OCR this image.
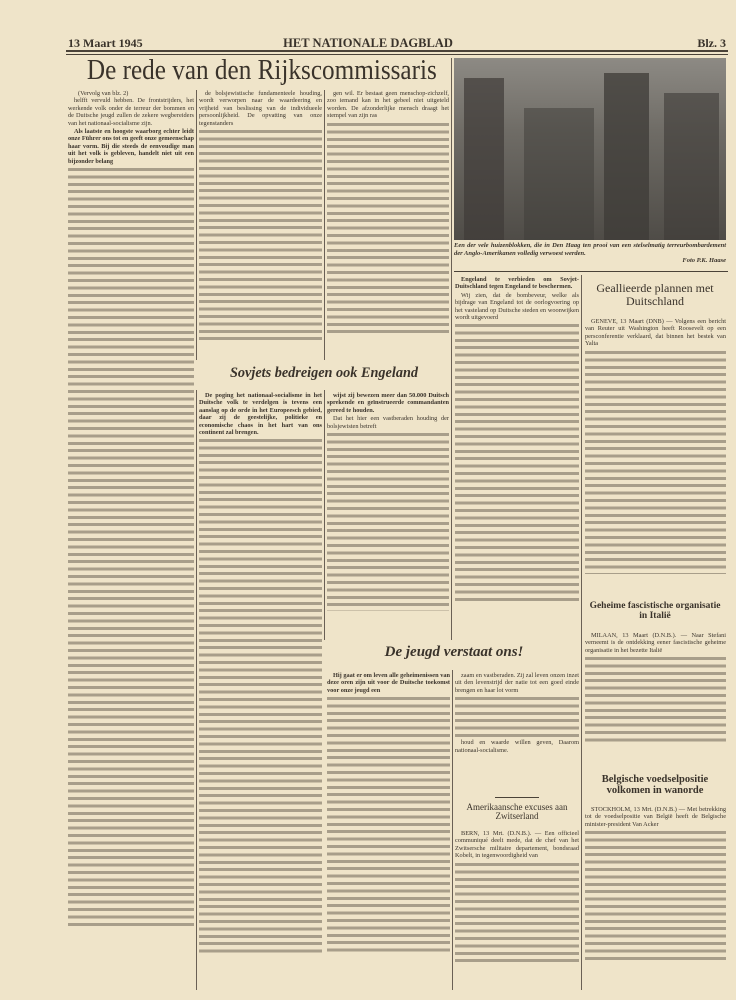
13 Maart 1945	HET NATIONALE DAGBLAD	Blz. 3
De rede van den Rijkscommissaris
(Vervolg van blz. 2)

helfft vervuld hebben. De frontstrijders, het werkende volk onder de terreur der bommen en de Duitsche jeugd zullen de zekere wegbereiders van het nationaal-socialisme zijn.

Als laatste en hoogste waarborg echter leidt onze Führer ons tot en geeft onze gemeenschap haar vorm. Bij die steeds de eenvoudige man uit het volk is gebleven, handelt niet uit een bijzonder belang

de bolsjewistische fundamenteele houding, wordt verworpen naar de waardeering en vrijheid van beslissing van de individueele persoonlijkheid. De opvatting van onze tegenstanders

gen wil. Er bestaat geen menschop-zichzelf, zoo iemand kan in het gebeel niet uitgeteld worden. De afzonderlijke mensch draagt het stempel van zijn ras

Een der vele huizenblokken, die in Den Haag ten prooi van een stelselmatig terreurbombardement der Anglo-Amerikanen volledig verwoest werden.
Foto P.K. Haase
Sovjets bedreigen ook Engeland

De poging het nationaal-socialisme in het Duitsche volk te verdelgen is tevens een aanslag op de orde in het Europeesch gebied, daar zij de geestelijke, politieke en economische chaos in het hart van ons continent zal brengen.

wijst zij bewezen meer dan 50.000 Duitsch sprekende en geïnstrueerde commandanten gereed te houden.

Dat het hier een vastberaden houding der bolsjewisten betreft

Engeland te verbieden om Sovjet-Duitschland tegen Engeland te beschermen.

Wij zien, dat de bombeveur, welke als bijdrage van Engeland tot de oorlogvoering op het vasteland op Duitsche steden en woonwijken wordt uitgevoerd

De jeugd verstaat ons!

Hij gaat er om leven alle geheimenissen van deze oren zijn uit voor de Duitsche toekomst voor onze jeugd een

zaam en vastberaden. Zij zal leven onzen inzet uit den levenstrijd der natie tot een goed einde brengen en haar lot vorm

houd en waarde willen geven, Daarom nationaal-socialisme.

Amerikaansche excuses aan Zwitserland

BERN, 13 Mrt. (D.N.B.). — Een officieel communiqué deelt mede, dat de chef van het Zwitsersche militaire departement, bondsraad Kobelt, in tegenwoordigheid van

Geallieerde plannen met Duitschland

GENEVE, 13 Maart (DNB) — Volgens een bericht van Reuter uit Washington heeft Roosevelt op een persconferentie verklaard, dat binnen het bestek van Yalta

Geheime fascistische organisatie in Italië

MILAAN, 13 Maart (D.N.B.). — Naar Stefani verneemt is de ontdekking eener fascistische geheime organisatie in het bezette Italië

Belgische voedselpositie volkomen in wanorde

STOCKHOLM, 13 Mrt. (D.N.B.) — Met betrekking tot de voedselpositie van België heeft de Belgische minister-president Van Acker
